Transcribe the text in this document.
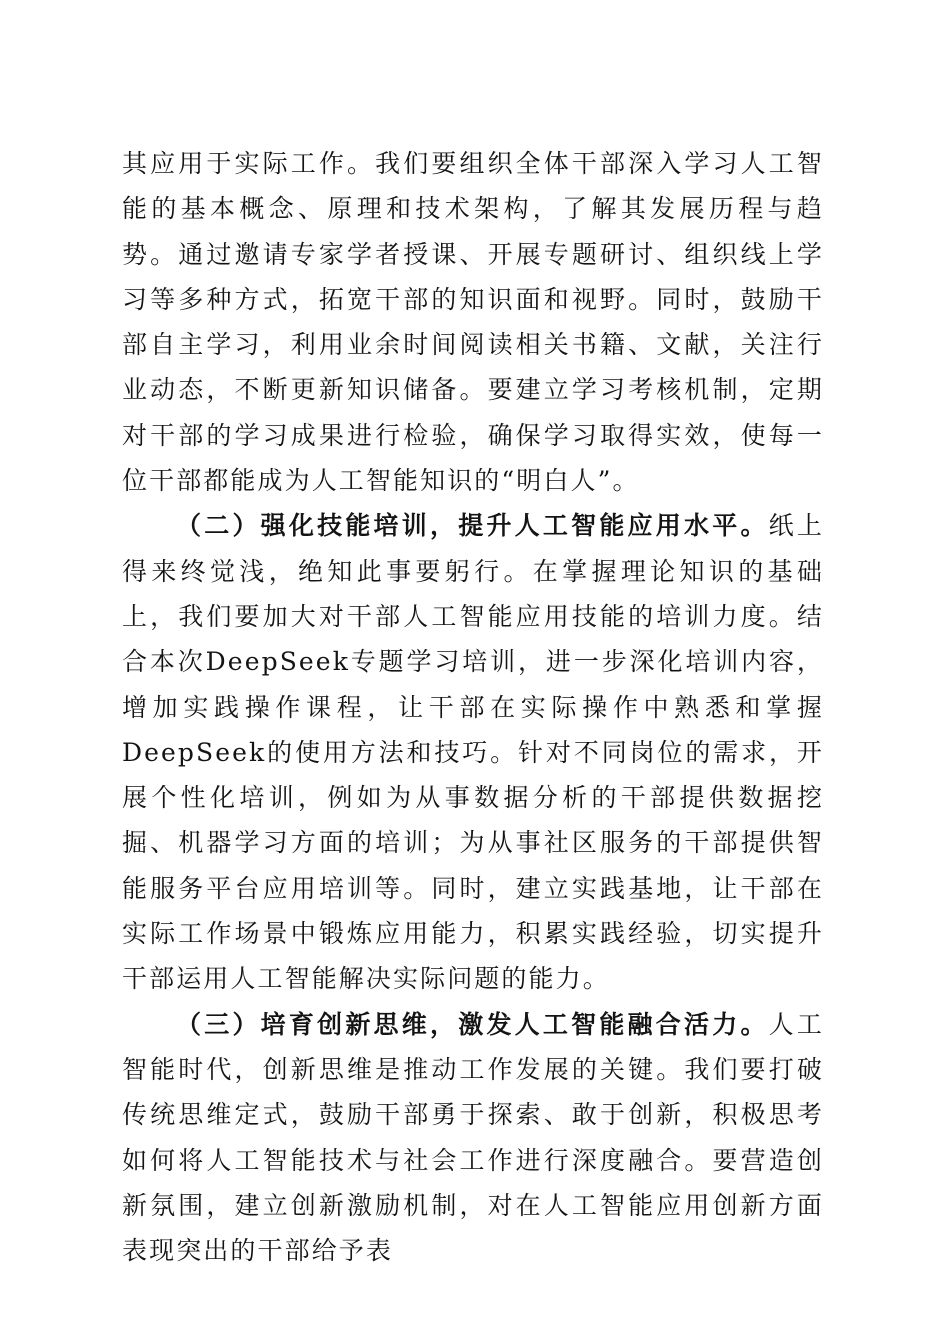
其应用于实际工作。我们要组织全体干部深入学习人工智能的基本概念、原理和技术架构，了解其发展历程与趋势。通过邀请专家学者授课、开展专题研讨、组织线上学习等多种方式，拓宽干部的知识面和视野。同时，鼓励干部自主学习，利用业余时间阅读相关书籍、文献，关注行业动态，不断更新知识储备。要建立学习考核机制，定期对干部的学习成果进行检验，确保学习取得实效，使每一位干部都能成为人工智能知识的“明白人”。

（二）强化技能培训，提升人工智能应用水平。纸上得来终觉浅，绝知此事要躬行。在掌握理论知识的基础上，我们要加大对干部人工智能应用技能的培训力度。结合本次DeepSeek专题学习培训，进一步深化培训内容，增加实践操作课程，让干部在实际操作中熟悉和掌握DeepSeek的使用方法和技巧。针对不同岗位的需求，开展个性化培训，例如为从事数据分析的干部提供数据挖掘、机器学习方面的培训；为从事社区服务的干部提供智能服务平台应用培训等。同时，建立实践基地，让干部在实际工作场景中锻炼应用能力，积累实践经验，切实提升干部运用人工智能解决实际问题的能力。

（三）培育创新思维，激发人工智能融合活力。人工智能时代，创新思维是推动工作发展的关键。我们要打破传统思维定式，鼓励干部勇于探索、敢于创新，积极思考如何将人工智能技术与社会工作进行深度融合。要营造创新氛围，建立创新激励机制，对在人工智能应用创新方面表现突出的干部给予表
